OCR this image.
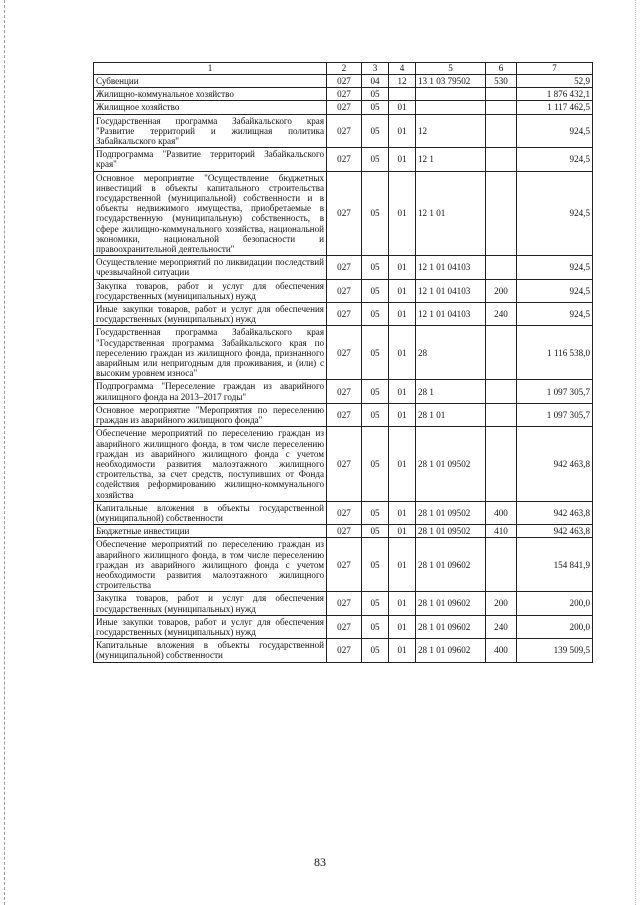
1	2	3	4	5	6	7
Субвенции	027	04	12	13 1 03 79502	530	52,9
Жилищно-коммунальное хозяйство	027	05				1 876 432,1
Жилищное хозяйство	027	05	01			1 117 462,5
Государственная программа Забайкальского края "Развитие территорий и жилищная политика Забайкальского края"	027	05	01	12		924,5
Подпрограмма "Развитие территорий Забайкальского края"	027	05	01	12 1		924,5
Основное мероприятие "Осуществление бюджетных инвестиций в объекты капитального строительства государственной (муниципальной) собственности и в объекты недвижимого имущества, приобретаемые в государственную (муниципальную) собственность, в сфере жилищно-коммунального хозяйства, национальной экономики, национальной безопасности и правоохранительной деятельности"	027	05	01	12 1 01		924,5
Осуществление мероприятий по ликвидации последствий чрезвычайной ситуации	027	05	01	12 1 01 04103		924,5
Закупка товаров, работ и услуг для обеспечения государственных (муниципальных) нужд	027	05	01	12 1 01 04103	200	924,5
Иные закупки товаров, работ и услуг для обеспечения государственных (муниципальных) нужд	027	05	01	12 1 01 04103	240	924,5
Государственная программа Забайкальского края "Государственная программа Забайкальского края по переселению граждан из жилищного фонда, признанного аварийным или непригодным для проживания, и (или) с высоким уровнем износа"	027	05	01	28		1 116 538,0
Подпрограмма "Переселение граждан из аварийного жилищного фонда на 2013–2017 годы"	027	05	01	28 1		1 097 305,7
Основное мероприятие "Мероприятия по переселению граждан из аварийного жилищного фонда"	027	05	01	28 1 01		1 097 305,7
Обеспечение мероприятий по переселению граждан из аварийного жилищного фонда, в том числе переселению граждан из аварийного жилищного фонда с учетом необходимости развития малоэтажного жилищного строительства, за счет средств, поступивших от Фонда содействия реформированию жилищно-коммунального хозяйства	027	05	01	28 1 01 09502		942 463,8
Капитальные вложения в объекты государственной (муниципальной) собственности	027	05	01	28 1 01 09502	400	942 463,8
Бюджетные инвестиции	027	05	01	28 1 01 09502	410	942 463,8
Обеспечение мероприятий по переселению граждан из аварийного жилищного фонда, в том числе переселению граждан из аварийного жилищного фонда с учетом необходимости развития малоэтажного жилищного строительства	027	05	01	28 1 01 09602		154 841,9
Закупка товаров, работ и услуг для обеспечения государственных (муниципальных) нужд	027	05	01	28 1 01 09602	200	200,0
Иные закупки товаров, работ и услуг для обеспечения государственных (муниципальных) нужд	027	05	01	28 1 01 09602	240	200,0
Капитальные вложения в объекты государственной (муниципальной) собственности	027	05	01	28 1 01 09602	400	139 509,5
83
